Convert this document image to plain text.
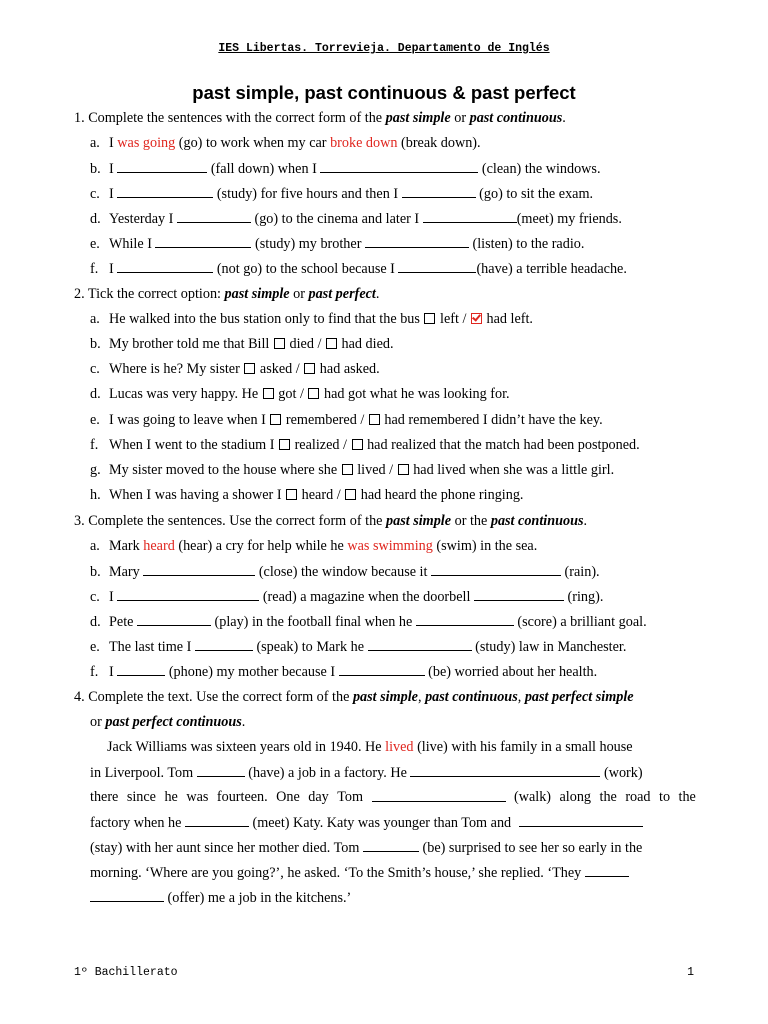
IES Libertas. Torrevieja. Departamento de Inglés
past simple, past continuous & past perfect
1. Complete the sentences with the correct form of the past simple or past continuous.
a. I was going (go) to work when my car broke down (break down).
b. I	(fall down) when I	(clean) the windows.
c. I	(study) for five hours and then I	(go) to sit the exam.
d. Yesterday I	(go) to the cinema and later I	(meet) my friends.
e. While I	(study) my brother	(listen) to the radio.
f. I	(not go) to the school because I	(have) a terrible headache.
2. Tick the correct option: past simple or past perfect.
a. He walked into the bus station only to find that the bus  left /  had left.
b. My brother told me that Bill  died /  had died.
c. Where is he? My sister  asked /  had asked.
d. Lucas was very happy. He  got /  had got what he was looking for.
e. I was going to leave when I  remembered /  had remembered I didn’t have the key.
f. When I went to the stadium I  realized /  had realized that the match had been postponed.
g. My sister moved to the house where she  lived /  had lived when she was a little girl.
h. When I was having a shower I  heard /  had heard the phone ringing.
3. Complete the sentences. Use the correct form of the past simple or the past continuous.
a. Mark heard (hear) a cry for help while he was swimming (swim) in the sea.
b. Mary	(close) the window because it	(rain).
c. I	(read) a magazine when the doorbell	(ring).
d. Pete	(play) in the football final when he	(score) a brilliant goal.
e. The last time I	(speak) to Mark he	(study) law in Manchester.
f. I	(phone) my mother because I	(be) worried about her health.
4. Complete the text. Use the correct form of the past simple, past continuous, past perfect simple
or past perfect continuous.
Jack Williams was sixteen years old in 1940. He lived (live) with his family in a small house
in Liverpool. Tom	(have) a job in a factory. He	(work)
there since he was fourteen. One day Tom	(walk) along the road to the
factory when he	(meet) Katy. Katy was younger than Tom and
(stay) with her aunt since her mother died. Tom	(be) surprised to see her so early in the
morning. ‘Where are you going?’, he asked. ‘To the Smith’s house,’ she replied. ‘They
(offer) me a job in the kitchens.’
1º Bachillerato	1
